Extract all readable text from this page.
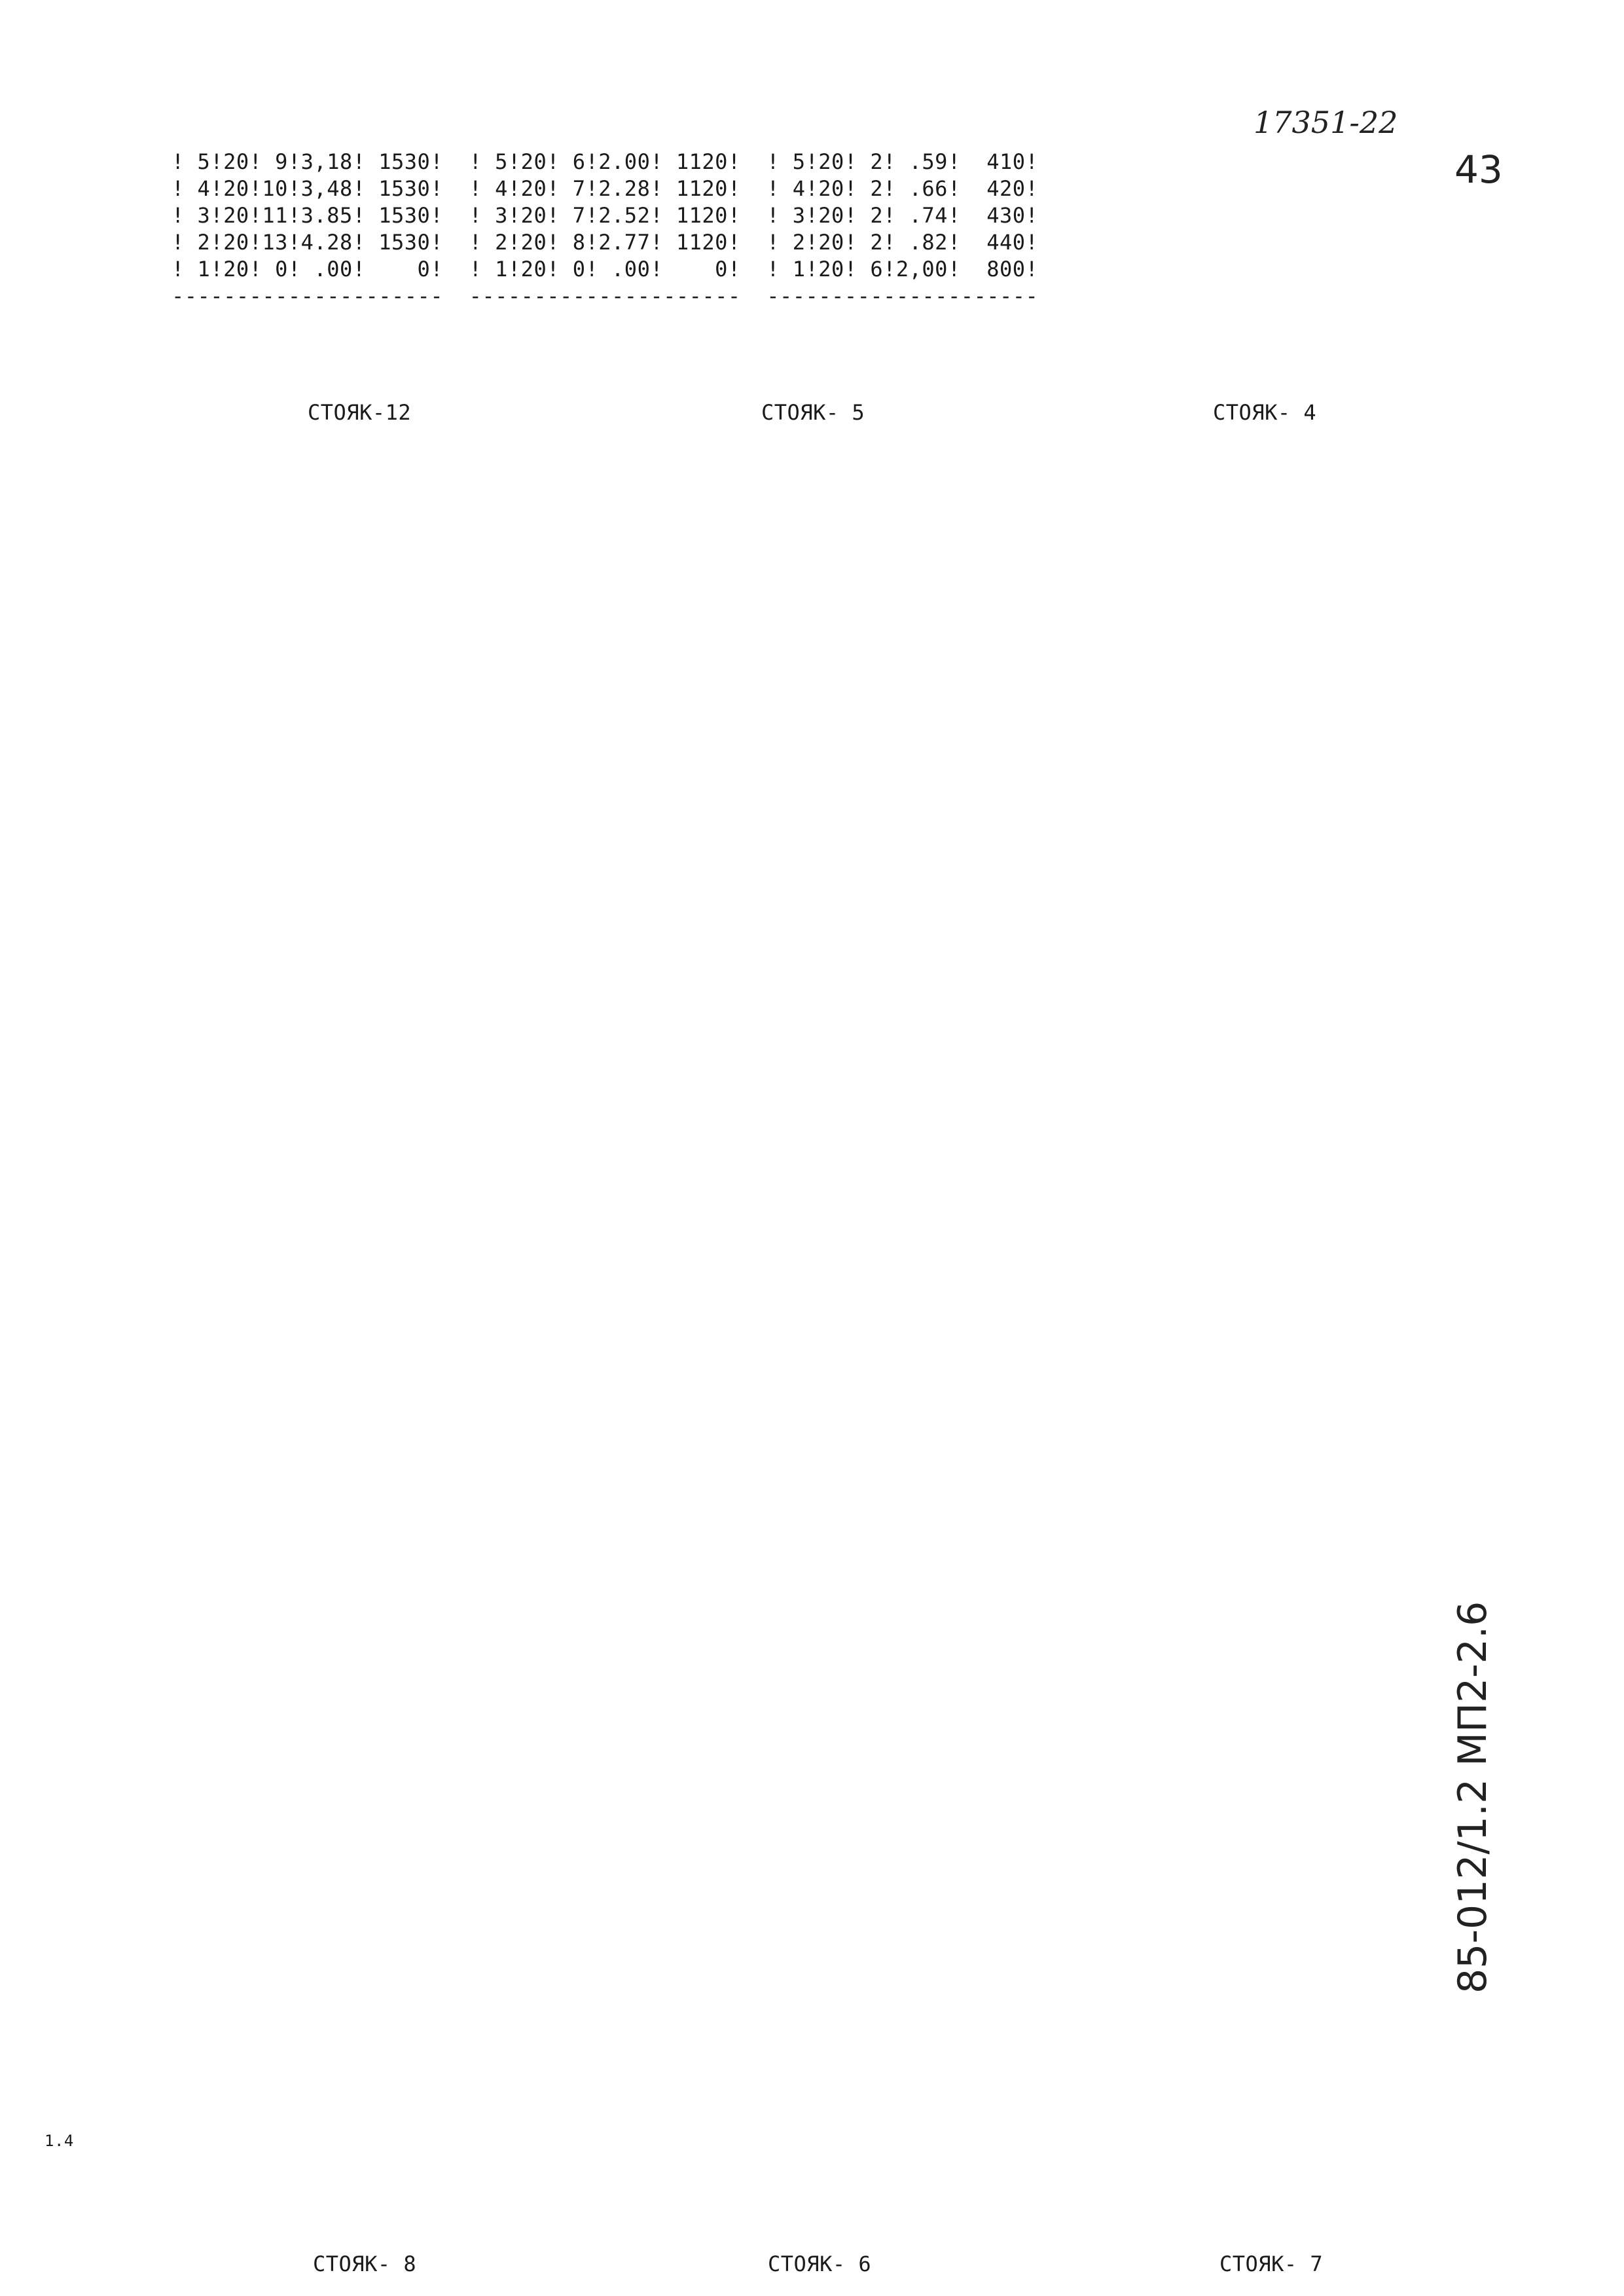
17351-22
43
! 5!20! 9!3,18! 1530!  ! 5!20! 6!2.00! 1120!  ! 5!20! 2! .59!  410!
! 4!20!10!3,48! 1530!  ! 4!20! 7!2.28! 1120!  ! 4!20! 2! .66!  420!
! 3!20!11!3.85! 1530!  ! 3!20! 7!2.52! 1120!  ! 3!20! 2! .74!  430!
! 2!20!13!4.28! 1530!  ! 2!20! 8!2.77! 1120!  ! 2!20! 2! .82!  440!
! 1!20! 0! .00!    0!  ! 1!20! 0! .00!    0!  ! 1!20! 6!2,00!  800!
---------------------  ---------------------  ---------------------
СТОЯК-12	СТОЯК- 5	СТОЯК- 4
85-012/1.2 МП2-2.6
1.4
СТОЯК- 8	СТОЯК- 6	СТОЯК- 7
